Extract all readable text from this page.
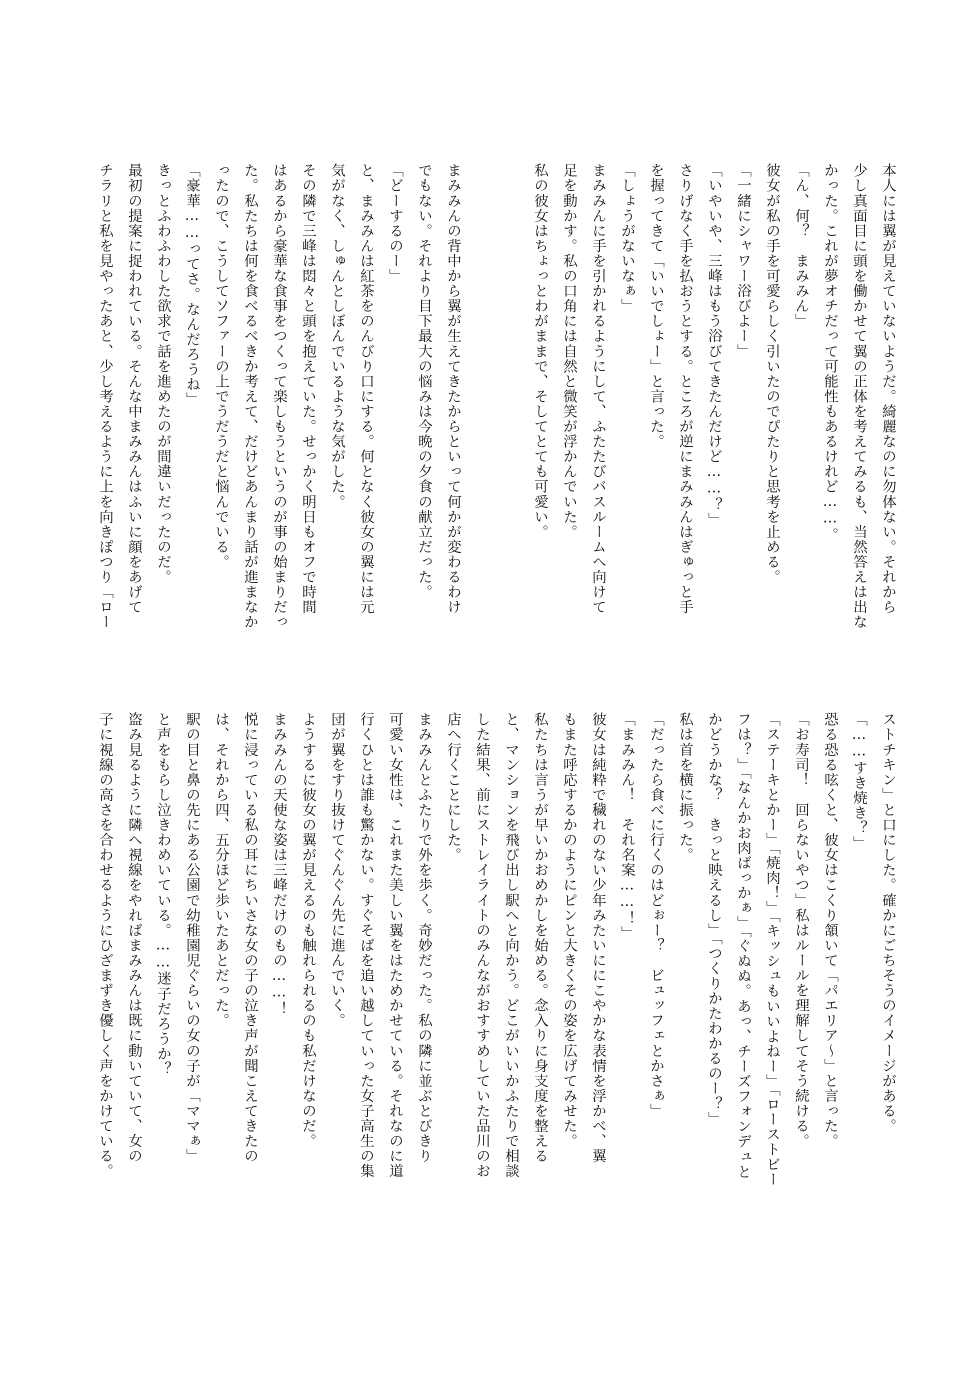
本人には翼が見えていないようだ。綺麗なのに勿体ない。それから
少し真面目に頭を働かせて翼の正体を考えてみるも、当然答えは出な
かった。これが夢オチだって可能性もあるけれど……。
「ん、何？　まみみん」
彼女が私の手を可愛らしく引いたのでぴたりと思考を止める。
「一緒にシャワー浴びよー」
「いやいや、三峰はもう浴びてきたんだけど……？」
さりげなく手を払おうとする。ところが逆にまみみんはぎゅっと手
を握ってきて「いいでしょー」と言った。
「しょうがないなぁ」
まみみんに手を引かれるようにして、ふたたびバスルームへ向けて
足を動かす。私の口角には自然と微笑が浮かんでいた。
私の彼女はちょっとわがままで、そしてとても可愛い。
まみみんの背中から翼が生えてきたからといって何かが変わるわけ
でもない。それより目下最大の悩みは今晩の夕食の献立だった。
「どーするのー」
と、まみみんは紅茶をのんびり口にする。何となく彼女の翼には元
気がなく、しゅんとしぼんでいるような気がした。
その隣で三峰は悶々と頭を抱えていた。せっかく明日もオフで時間
はあるから豪華な食事をつくって楽しもうというのが事の始まりだっ
た。私たちは何を食べるべきか考えて、だけどあんまり話が進まなか
ったので、こうしてソファーの上でうだうだと悩んでいる。
「豪華……ってさ。なんだろうね」
きっとふわふわした欲求で話を進めたのが間違いだったのだ。
最初の提案に捉われている。そんな中まみみんはふいに顔をあげて
チラリと私を見やったあと、少し考えるように上を向きぽつり「ロー
ストチキン」と口にした。確かにごちそうのイメージがある。
「……すき焼き？」
恐る恐る呟くと、彼女はこくり頷いて「パエリア～」と言った。
「お寿司！　回らないやつ」私はルールを理解してそう続ける。
「ステーキとかー」「焼肉！」「キッシュもいいよねー」「ローストビー
フは？」「なんかお肉ばっかぁ」「ぐぬぬ。あっ、チーズフォンデュと
かどうかな？　きっと映えるし」「つくりかたわかるのー？」
私は首を横に振った。
「だったら食べに行くのはどぉー？　ビュッフェとかさぁ」
「まみみん！　それ名案……！」
彼女は純粋で穢れのない少年みたいににこやかな表情を浮かべ、翼
もまた呼応するかのようにピンと大きくその姿を広げてみせた。
私たちは言うが早いかおめかしを始める。念入りに身支度を整える
と、マンションを飛び出し駅へと向かう。どこがいいかふたりで相談
した結果、前にストレイライトのみんながおすすめしていた品川のお
店へ行くことにした。
まみみんとふたりで外を歩く。奇妙だった。私の隣に並ぶとびきり
可愛い女性は、これまた美しい翼をはためかせている。それなのに道
行くひとは誰も驚かない。すぐそばを追い越していった女子高生の集
団が翼をすり抜けてぐんぐん先に進んでいく。
ようするに彼女の翼が見えるのも触れられるのも私だけなのだ。
まみみんの天使な姿は三峰だけのもの……！
悦に浸っている私の耳にちいさな女の子の泣き声が聞こえてきたの
は、それから四、五分ほど歩いたあとだった。
駅の目と鼻の先にある公園で幼稚園児ぐらいの女の子が「ママぁ」
と声をもらし泣きわめいている。……迷子だろうか？
盗み見るように隣へ視線をやればまみみんは既に動いていて、女の
子に視線の高さを合わせるようにひざまずき優しく声をかけている。
